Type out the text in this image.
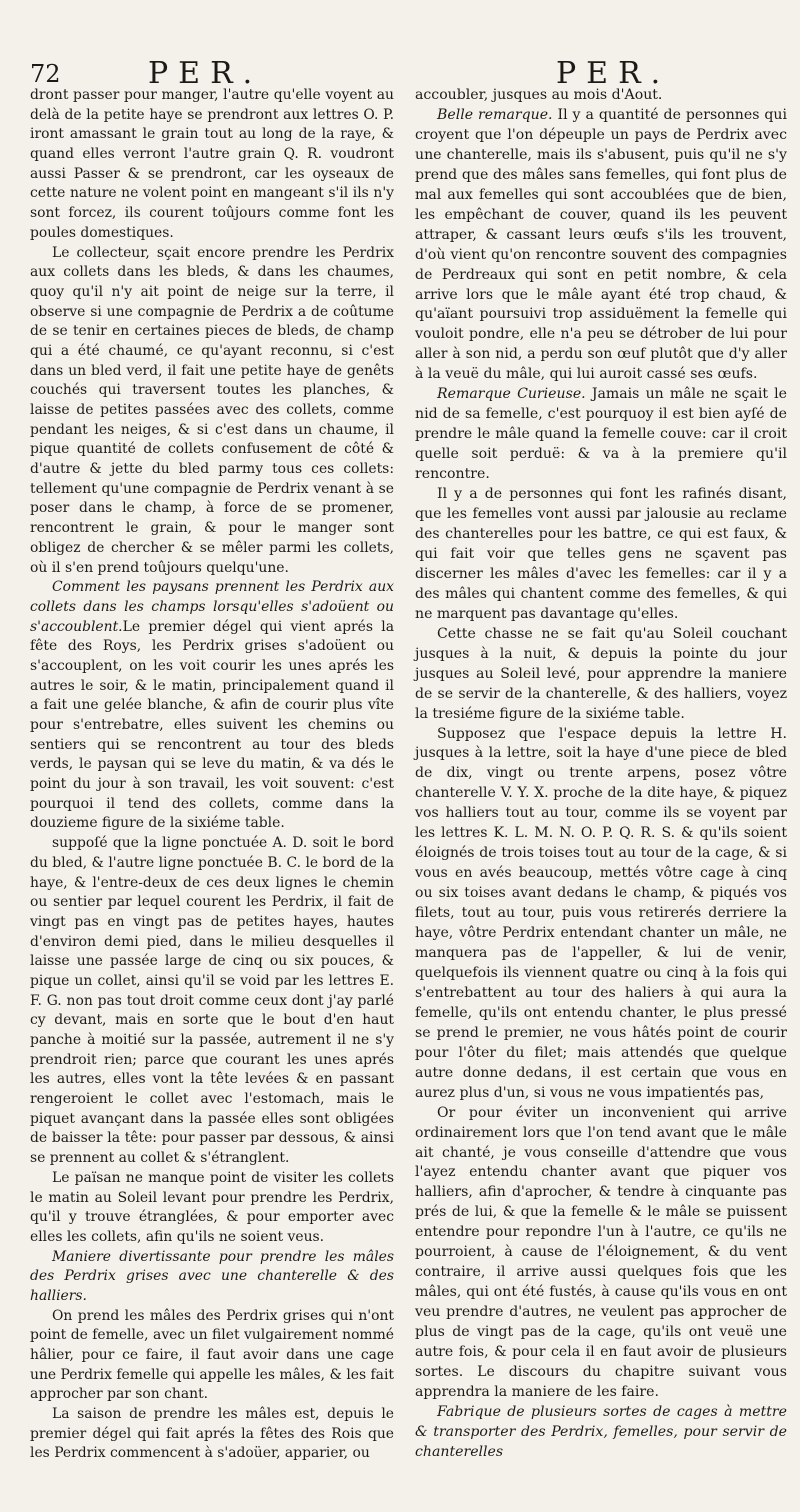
72	PER.	PER.

dront passer pour manger, l'autre qu'elle voyent au delà de la petite haye se prendront aux lettres O. P. iront amassant le grain tout au long de la raye, & quand elles verront l'autre grain Q. R. voudront aussi Passer & se prendront, car les oyseaux de cette nature ne volent point en mangeant s'il ils n'y sont forcez, ils courent toûjours comme font les poules domestiques.

Le collecteur, sçait encore prendre les Perdrix aux collets dans les bleds, & dans les chaumes, quoy qu'il n'y ait point de neige sur la terre, il observe si une compagnie de Perdrix a de coûtume de se tenir en certaines pieces de bleds, de champ qui a été chaumé, ce qu'ayant reconnu, si c'est dans un bled verd, il fait une petite haye de genêts couchés qui traversent toutes les planches, & laisse de petites passées avec des collets, comme pendant les neiges, & si c'est dans un chaume, il pique quantité de collets confusement de côté & d'autre & jette du bled parmy tous ces collets: tellement qu'une compagnie de Perdrix venant à se poser dans le champ, à force de se promener, rencontrent le grain, & pour le manger sont obligez de chercher & se mêler parmi les collets, où il s'en prend toûjours quelqu'une.

Comment les paysans prennent les Perdrix aux collets dans les champs lorsqu'elles s'adoüent ou s'accoublent.Le premier dégel qui vient aprés la fête des Roys, les Perdrix grises s'adoüent ou s'accouplent, on les voit courir les unes aprés les autres le soir, & le matin, principalement quand il a fait une gelée blanche, & afin de courir plus vîte pour s'entrebatre, elles suivent les chemins ou sentiers qui se rencontrent au tour des bleds verds, le paysan qui se leve du matin, & va dés le point du jour à son travail, les voit souvent: c'est pourquoi il tend des collets, comme dans la douzieme figure de la sixiéme table.

suppoſé que la ligne ponctuée A. D. soit le bord du bled, & l'autre ligne ponctuée B. C. le bord de la haye, & l'entre-deux de ces deux lignes le chemin ou sentier par lequel courent les Perdrix, il fait de vingt pas en vingt pas de petites hayes, hautes d'environ demi pied, dans le milieu desquelles il laisse une passée large de cinq ou six pouces, & pique un collet, ainsi qu'il se void par les lettres E. F. G. non pas tout droit comme ceux dont j'ay parlé cy devant, mais en sorte que le bout d'en haut panche à moitié sur la passée, autrement il ne s'y prendroit rien; parce que courant les unes aprés les autres, elles vont la tête levées & en passant rengeroient le collet avec l'estomach, mais le piquet avançant dans la passée elles sont obligées de baisser la tête: pour passer par dessous, & ainsi se prennent au collet & s'étranglent.

Le païsan ne manque point de visiter les collets le matin au Soleil levant pour prendre les Perdrix, qu'il y trouve étranglées, & pour emporter avec elles les collets, afin qu'ils ne soient veus.

Maniere divertissante pour prendre les mâles des Perdrix grises avec une chanterelle & des halliers.

On prend les mâles des Perdrix grises qui n'ont point de femelle, avec un filet vulgairement nommé hâlier, pour ce faire, il faut avoir dans une cage une Perdrix femelle qui appelle les mâles, & les fait approcher par son chant.

La saison de prendre les mâles est, depuis le premier dégel qui fait aprés la fêtes des Rois que les Perdrix commencent à s'adoüer, apparier, ou

accoubler, jusques au mois d'Aout.

Belle remarque. Il y a quantité de personnes qui croyent que l'on dépeuple un pays de Perdrix avec une chanterelle, mais ils s'abusent, puis qu'il ne s'y prend que des mâles sans femelles, qui font plus de mal aux femelles qui sont accoublées que de bien, les empêchant de couver, quand ils les peuvent attraper, & cassant leurs œufs s'ils les trouvent, d'où vient qu'on rencontre souvent des compagnies de Perdreaux qui sont en petit nombre, & cela arrive lors que le mâle ayant été trop chaud, & qu'aïant poursuivi trop assiduëment la femelle qui vouloit pondre, elle n'a peu se détrober de lui pour aller à son nid, a perdu son œuf plutôt que d'y aller à la veuë du mâle, qui lui auroit cassé ses œufs.

Remarque Curieuse. Jamais un mâle ne sçait le nid de sa femelle, c'est pourquoy il est bien ayſé de prendre le mâle quand la femelle couve: car il croit quelle soit perduë: & va à la premiere qu'il rencontre.

Il y a de personnes qui font les rafinés disant, que les femelles vont aussi par jalousie au reclame des chanterelles pour les battre, ce qui est faux, & qui fait voir que telles gens ne sçavent pas discerner les mâles d'avec les femelles: car il y a des mâles qui chantent comme des femelles, & qui ne marquent pas davantage qu'elles.

Cette chasse ne se fait qu'au Soleil couchant jusques à la nuit, & depuis la pointe du jour jusques au Soleil levé, pour apprendre la maniere de se servir de la chanterelle, & des halliers, voyez la tresiéme figure de la sixiéme table.

Supposez que l'espace depuis la lettre H. jusques à la lettre, soit la haye d'une piece de bled de dix, vingt ou trente arpens, posez vôtre chanterelle V. Y. X. proche de la dite haye, & piquez vos halliers tout au tour, comme ils se voyent par les lettres K. L. M. N. O. P. Q. R. S. & qu'ils soient éloignés de trois toises tout au tour de la cage, & si vous en avés beaucoup, mettés vôtre cage à cinq ou six toises avant dedans le champ, & piqués vos filets, tout au tour, puis vous retirerés derriere la haye, vôtre Perdrix entendant chanter un mâle, ne manquera pas de l'appeller, & lui de venir, quelquefois ils viennent quatre ou cinq à la fois qui s'entrebattent au tour des haliers à qui aura la femelle, qu'ils ont entendu chanter, le plus pressé se prend le premier, ne vous hâtés point de courir pour l'ôter du filet; mais attendés que quelque autre donne dedans, il est certain que vous en aurez plus d'un, si vous ne vous impatientés pas,

Or pour éviter un inconvenient qui arrive ordinairement lors que l'on tend avant que le mâle ait chanté, je vous conseille d'attendre que vous l'ayez entendu chanter avant que piquer vos halliers, afin d'aprocher, & tendre à cinquante pas prés de lui, & que la femelle & le mâle se puissent entendre pour repondre l'un à l'autre, ce qu'ils ne pourroient, à cause de l'éloignement, & du vent contraire, il arrive aussi quelques fois que les mâles, qui ont été fustés, à cause qu'ils vous en ont veu prendre d'autres, ne veulent pas approcher de plus de vingt pas de la cage, qu'ils ont veuë une autre fois, & pour cela il en faut avoir de plusieurs sortes. Le discours du chapitre suivant vous apprendra la maniere de les faire.

Fabrique de plusieurs sortes de cages à mettre & transporter des Perdrix, femelles, pour servir de chanterelles
